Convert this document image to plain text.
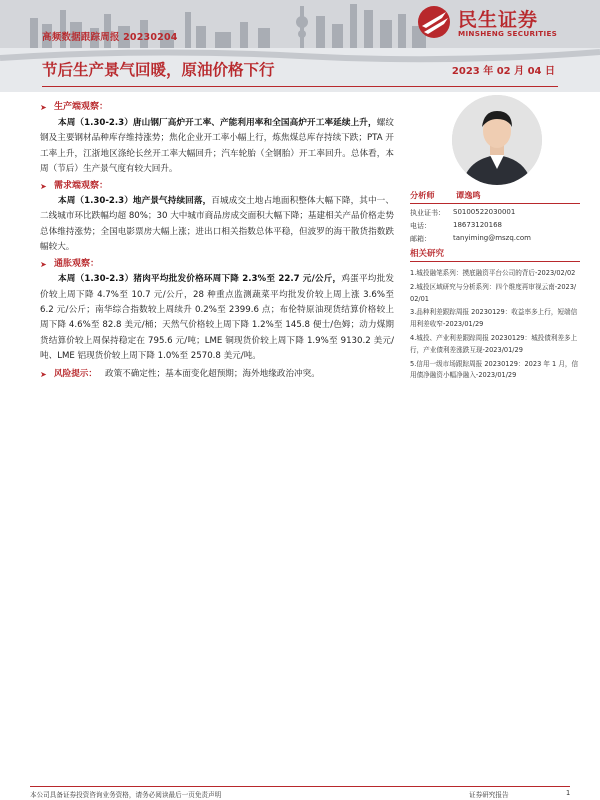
高频数据跟踪周报 20230204
节后生产景气回暖，原油价格下行	2023 年 02 月 04 日
民生证券
MINSHENG SECURITIES
➤ 生产端观察：
本周（1.30-2.3）唐山钢厂高炉开工率、产能利用率和全国高炉开工率延续上升，螺纹钢及主要钢材品种库存维持涨势；焦化企业开工率小幅上行，炼焦煤总库存持续下跌；PTA 开工率上升，江浙地区涤纶长丝开工率大幅回升；汽车轮胎（全钢胎）开工率回升。总体看，本周（节后）生产景气度有较大回升。
➤ 需求端观察：
本周（1.30-2.3）地产景气持续回落，百城成交土地占地面积整体大幅下降，其中一、二线城市环比跌幅均超 80%；30 大中城市商品房成交面积大幅下降；基建相关产品价格走势总体维持涨势；全国电影票房大幅上涨；进出口相关指数总体平稳，但波罗的海干散货指数跌幅较大。
➤ 通胀观察：
本周（1.30-2.3）猪肉平均批发价格环周下降 2.3%至 22.7 元/公斤，鸡蛋平均批发价较上周下降 4.7%至 10.7 元/公斤，28 种重点监测蔬菜平均批发价较上周上涨 3.6%至 6.2 元/公斤；南华综合指数较上周续升 0.2%至 2399.6 点；布伦特原油现货结算价格较上周下降 4.6%至 82.8 美元/桶；天然气价格较上周下降 1.2%至 145.8 便士/色姆；动力煤期货结算价较上周保持稳定在 795.6 元/吨；LME 铜现货价较上周下降 1.9%至 9130.2 美元/吨、LME 铝现货价较上周下降 1.0%至 2570.8 美元/吨。
➤ 风险提示： 政策不确定性；基本面变化超预期；海外地缘政治冲突。
分析师	谭逸鸣
执业证书：	S0100522030001
电话：	18673120168
邮箱：	tanyiming@mszq.com
相关研究
1.城投融笔系列：摸底融资平台公司的背后-2023/02/02
2.城投区域研究与分析系列：四个维度再审视云南-2023/02/01
3.品种利差跟踪周报 20230129：收益率多上行，短端信用利差收窄-2023/01/29
4.城投、产业利差跟踪周报 20230129：城投债利差多上行，产业债利差涨跌互现-2023/01/29
5.信用一级市场跟踪周报 20230129：2023 年 1 月，信用债净融资小幅净融入-2023/01/29
本公司具备证券投资咨询业务资格，请务必阅读最后一页免责声明	证券研究报告	1
